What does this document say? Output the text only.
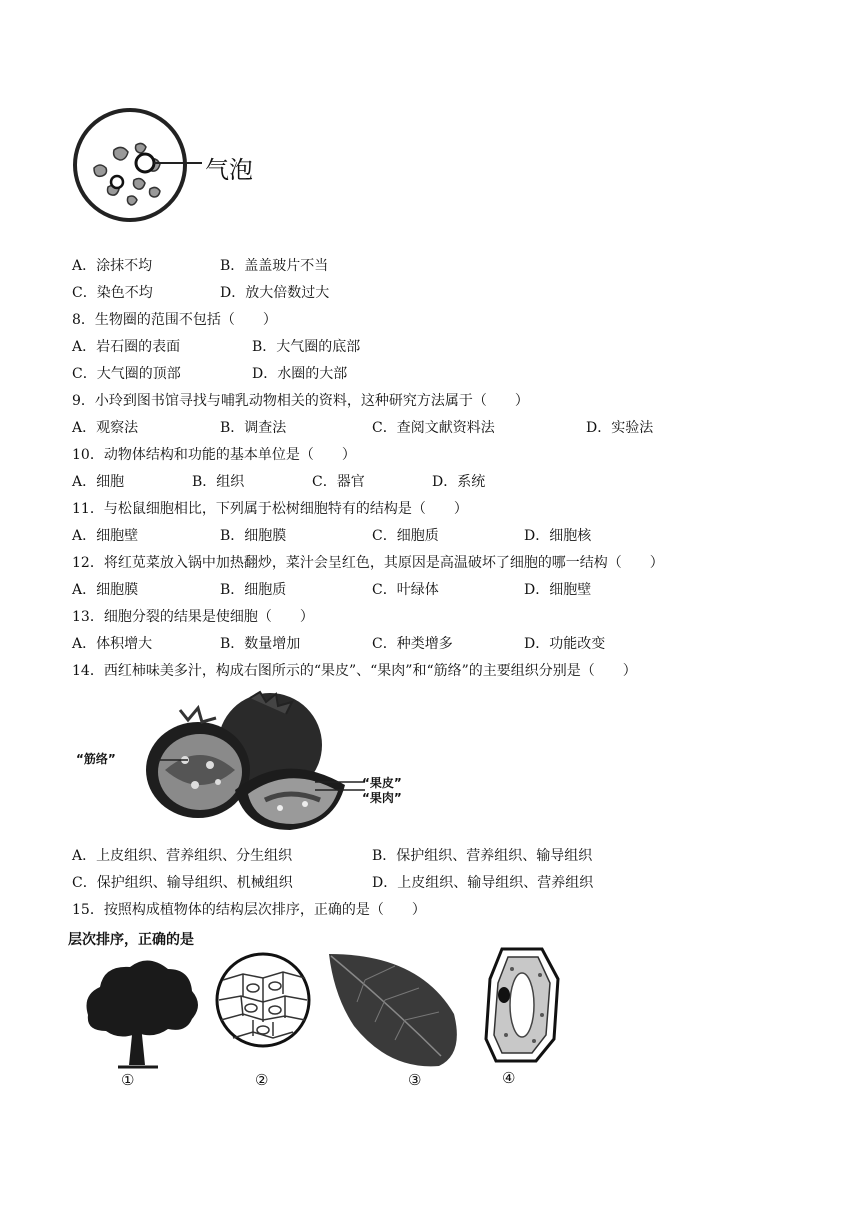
气泡
A．涂抹不均	B．盖盖玻片不当
C．染色不均	D．放大倍数过大
8．生物圈的范围不包括（　　）
A．岩石圈的表面	B．大气圈的底部
C．大气圈的顶部	D．水圈的大部
9．小玲到图书馆寻找与哺乳动物相关的资料，这种研究方法属于（　　）
A．观察法	B．调查法	C．查阅文献资料法	D．实验法
10．动物体结构和功能的基本单位是（　　）
A．细胞	B．组织	C．器官	D．系统
11．与松鼠细胞相比，下列属于松树细胞特有的结构是（　　）
A．细胞壁	B．细胞膜	C．细胞质	D．细胞核
12．将红苋菜放入锅中加热翻炒，菜汁会呈红色，其原因是高温破坏了细胞的哪一结构（　　）
A．细胞膜	B．细胞质	C．叶绿体	D．细胞壁
13．细胞分裂的结果是使细胞（　　）
A．体积增大	B．数量增加	C．种类增多	D．功能改变
14．西红柿味美多汁，构成右图所示的“果皮”、“果肉”和“筋络”的主要组织分别是（　　）
“筋络”
“果皮”
“果肉”
A．上皮组织、营养组织、分生组织	B．保护组织、营养组织、输导组织
C．保护组织、输导组织、机械组织	D．上皮组织、输导组织、营养组织
15．按照构成植物体的结构层次排序，正确的是（　　）
层次排序，正确的是
①	②	③	④
